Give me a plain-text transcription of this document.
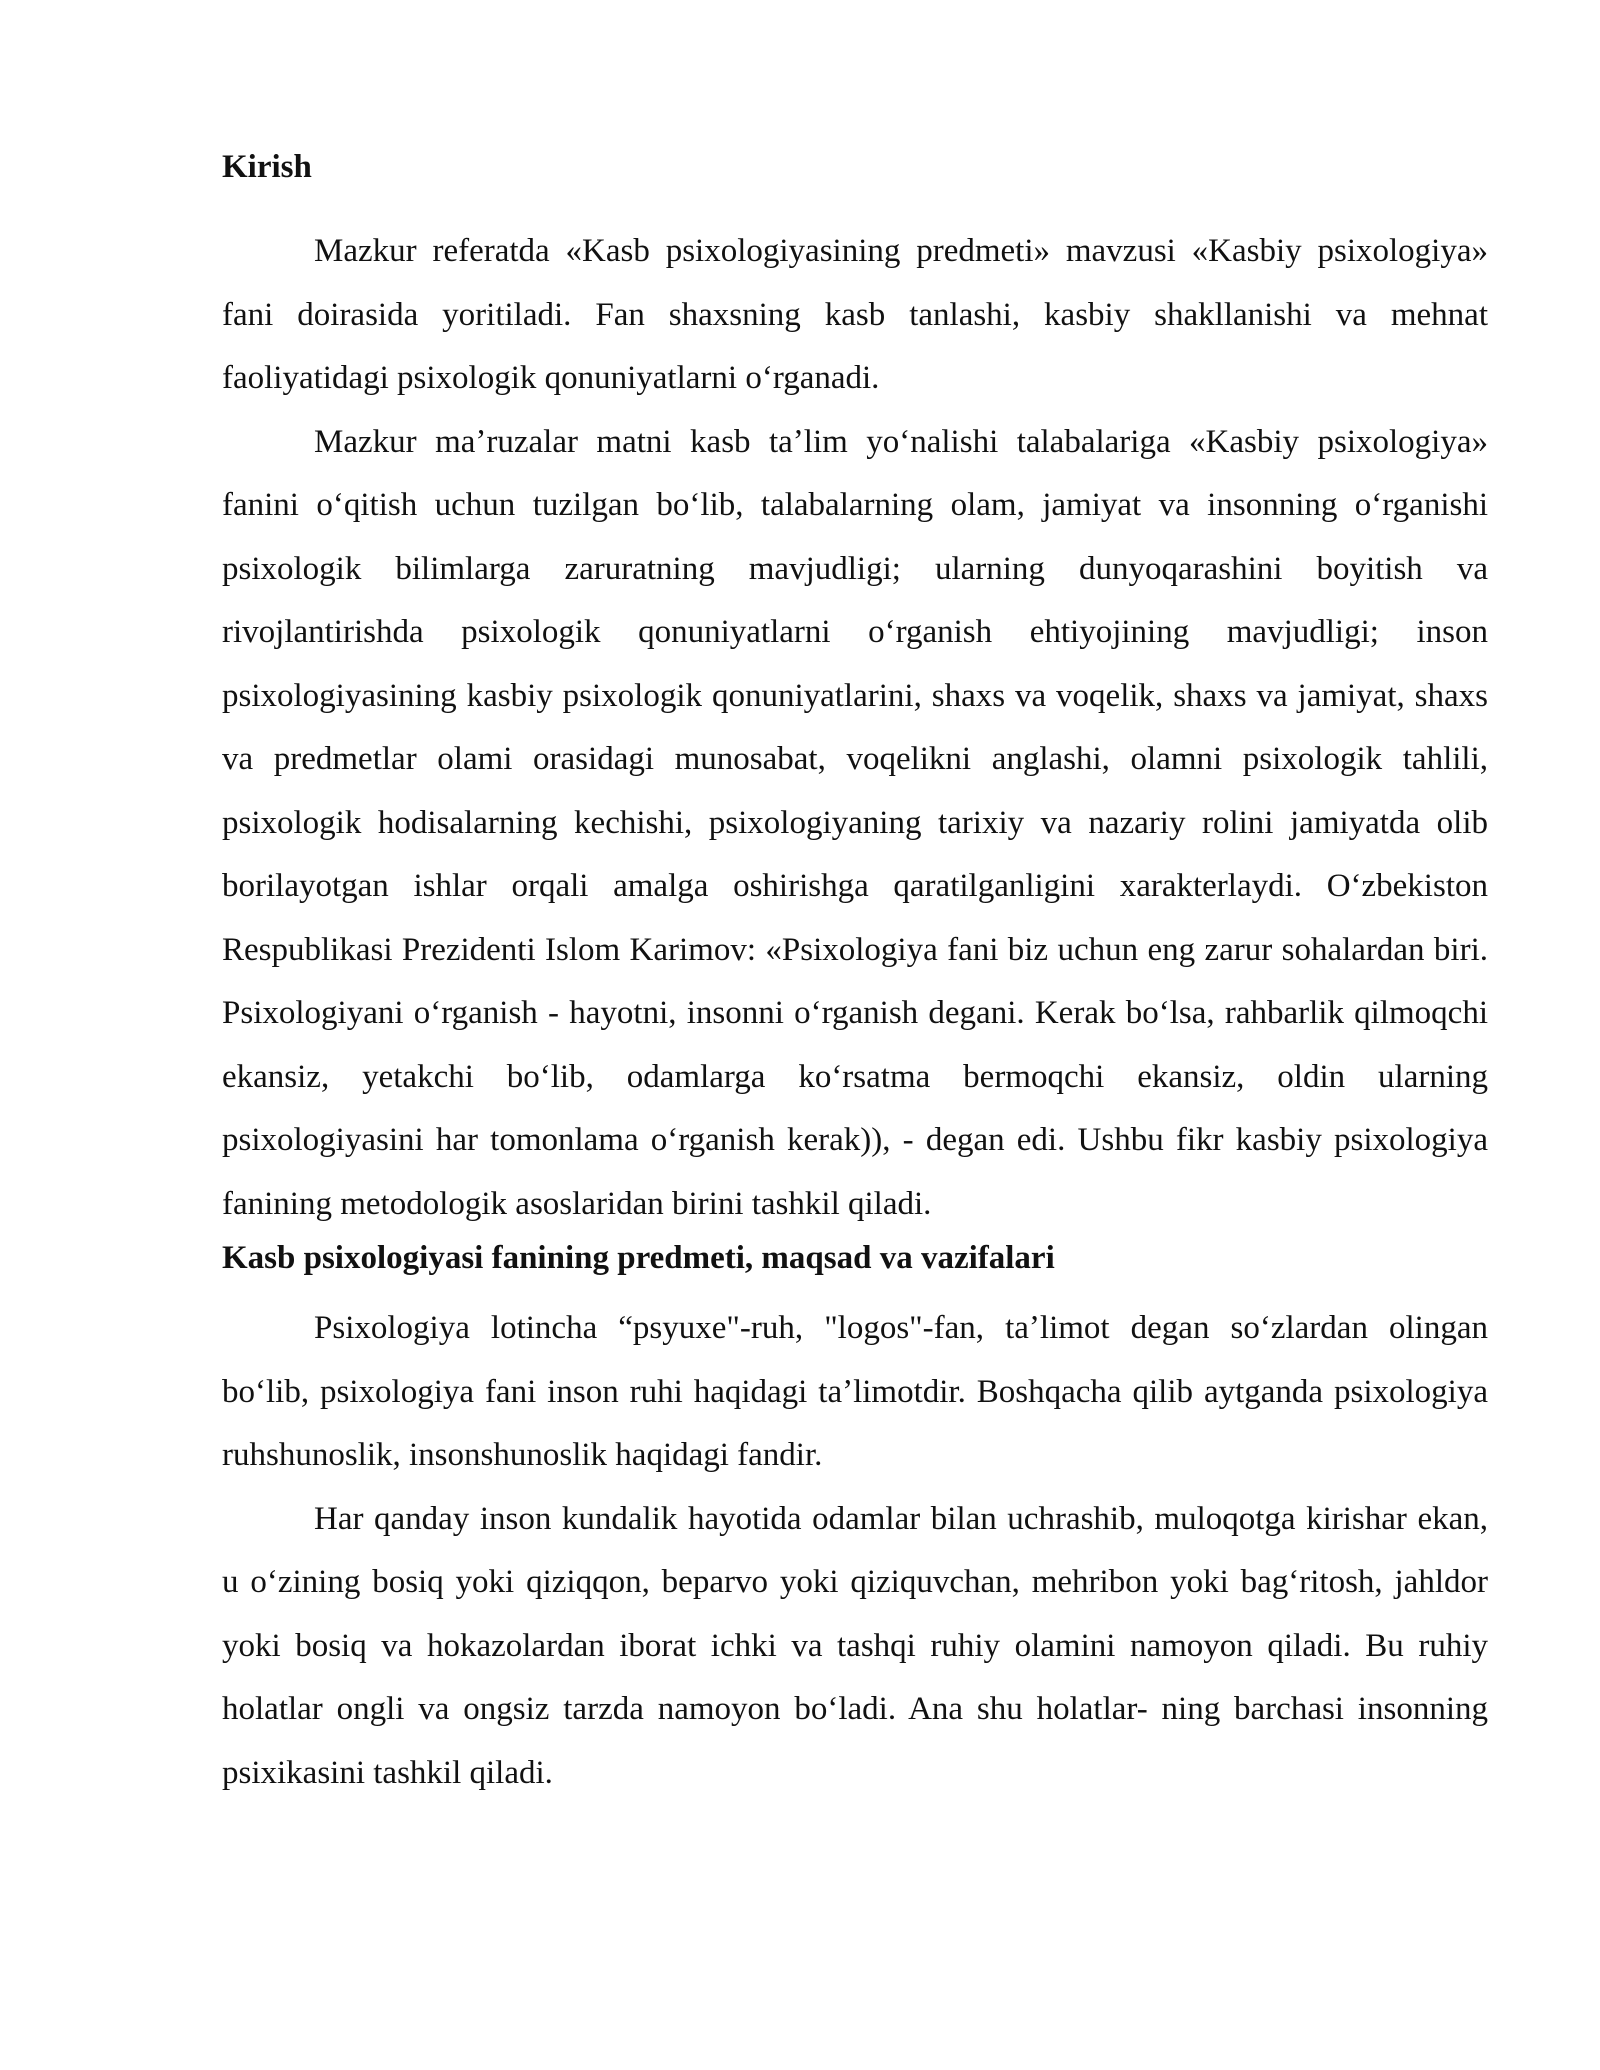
Kirish

Mazkur referatda «Kasb psixologiyasining predmeti» mavzusi «Kasbiy psixologiya» fani doirasida yoritiladi. Fan shaxsning kasb tanlashi, kasbiy shakllanishi va mehnat faoliyatidagi psixologik qonuniyatlarni oʻrganadi.

Mazkur maʼruzalar matni kasb taʼlim yoʻnalishi talabalariga «Kasbiy psixologiya» fanini oʻqitish uchun tuzilgan boʻlib, talabalarning olam, jamiyat va insonning oʻrganishi psixologik bilimlarga zaruratning mavjudligi; ularning dunyoqarashini boyitish va rivojlantirishda psixologik qonuniyatlarni oʻrganish ehtiyojining mavjudligi; inson psixologiyasining kasbiy psixologik qonuniyatlarini, shaxs va voqelik, shaxs va jamiyat, shaxs va predmetlar olami orasidagi munosabat, voqelikni anglashi, olamni psixologik tahlili, psixologik hodisalarning kechishi, psixologiyaning tarixiy va nazariy rolini jamiyatda olib borilayotgan ishlar orqali amalga oshirishga qaratilganligini xarakterlaydi. Oʻzbekiston Respublikasi Prezidenti Islom Karimov: «Psixologiya fani biz uchun eng zarur sohalardan biri. Psixologiyani oʻrganish - hayotni, insonni oʻrganish degani. Kerak boʻlsa, rahbarlik qilmoqchi ekansiz, yetakchi boʻlib, odamlarga koʻrsatma bermoqchi ekansiz, oldin ularning psixologiyasini har tomonlama oʻrganish kerak)), - degan edi. Ushbu fikr kasbiy psixologiya fanining metodologik asoslaridan birini tashkil qiladi.

Kasb psixologiyasi fanining predmeti, maqsad va vazifalari

Psixologiya lotincha “psyuxe"-ruh, "logos"-fan, taʼlimot degan soʻzlardan olingan boʻlib, psixologiya fani inson ruhi haqidagi taʼlimotdir. Boshqacha qilib aytganda psixologiya ruhshunoslik, insonshunoslik haqidagi fandir.

Har qanday inson kundalik hayotida odamlar bilan uchrashib, muloqotga kirishar ekan, u oʻzining bosiq yoki qiziqqon, beparvo yoki qiziquvchan, mehribon yoki bagʻritosh, jahldor yoki bosiq va hokazolardan iborat ichki va tashqi ruhiy olamini namoyon qiladi. Bu ruhiy holatlar ongli va ongsiz tarzda namoyon boʻladi. Ana shu holatlar- ning barchasi insonning psixikasini tashkil qiladi.
